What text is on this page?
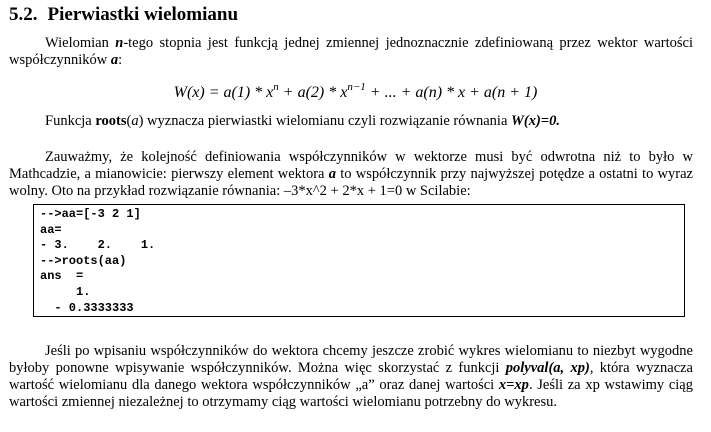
5.2. Pierwiastki wielomianu

Wielomian n-tego stopnia jest funkcją jednej zmiennej jednoznacznie zdefiniowaną przez wektor wartości współczynników a:

$W(x) = a(1) * x^n + a(2) * x^{n-1}$ + ... + a(n) * x + a(n + 1)

Funkcja roots(a) wyznacza pierwiastki wielomianu czyli rozwiązanie równania W(x)=0.

Zauważmy, że kolejność definiowania współczynników w wektorze musi być odwrotna niż to było w Mathcadzie, a mianowicie: pierwszy element wektora a to współczynnik przy najwyższej potędze a ostatni to wyraz wolny. Oto na przykład rozwiązanie równania: –3*x^2 + 2*x + 1=0 w Scilabie:

-->aa=[-3 2 1]
aa=
- 3.    2.    1.
-->roots(aa)
ans  =
1.
- 0.3333333

Jeśli po wpisaniu współczynników do wektora chcemy jeszcze zrobić wykres wielomianu to niezbyt wygodne byłoby ponowne wpisywanie współczynników. Można więc skorzystać z funkcji polyval(a, xp), która wyznacza wartość wielomianu dla danego wektora współczynników „a” oraz danej wartości x=xp. Jeśli za xp wstawimy ciąg wartości zmiennej niezależnej to otrzymamy ciąg wartości wielomianu potrzebny do wykresu.
